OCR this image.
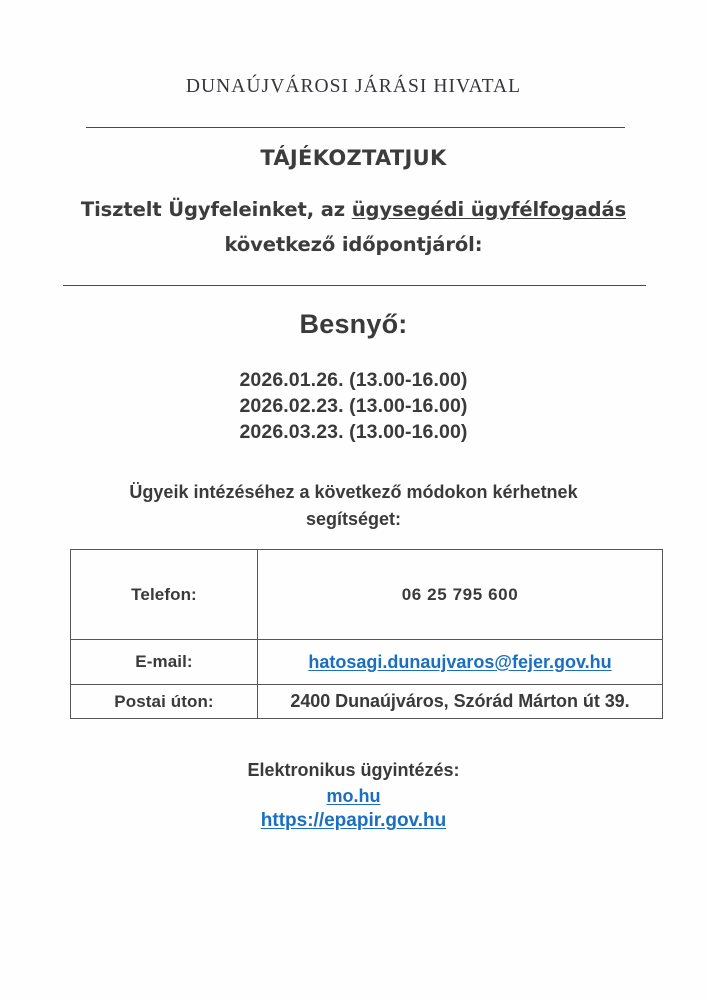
DUNAÚJVÁROSI JÁRÁSI HIVATAL
TÁJÉKOZTATJUK
Tisztelt Ügyfeleinket, az ügysegédi ügyfélfogadás
következő időpontjáról:
Besnyő:
2026.01.26. (13.00-16.00)
2026.02.23. (13.00-16.00)
2026.03.23. (13.00-16.00)
Ügyeik intézéséhez a következő módokon kérhetnek
segítséget:
Telefon:	06 25 795 600
E-mail:	hatosagi.dunaujvaros@fejer.gov.hu
Postai úton:	2400 Dunaújváros, Szórád Márton út 39.
Elektronikus ügyintézés:
mo.hu
https://epapir.gov.hu
